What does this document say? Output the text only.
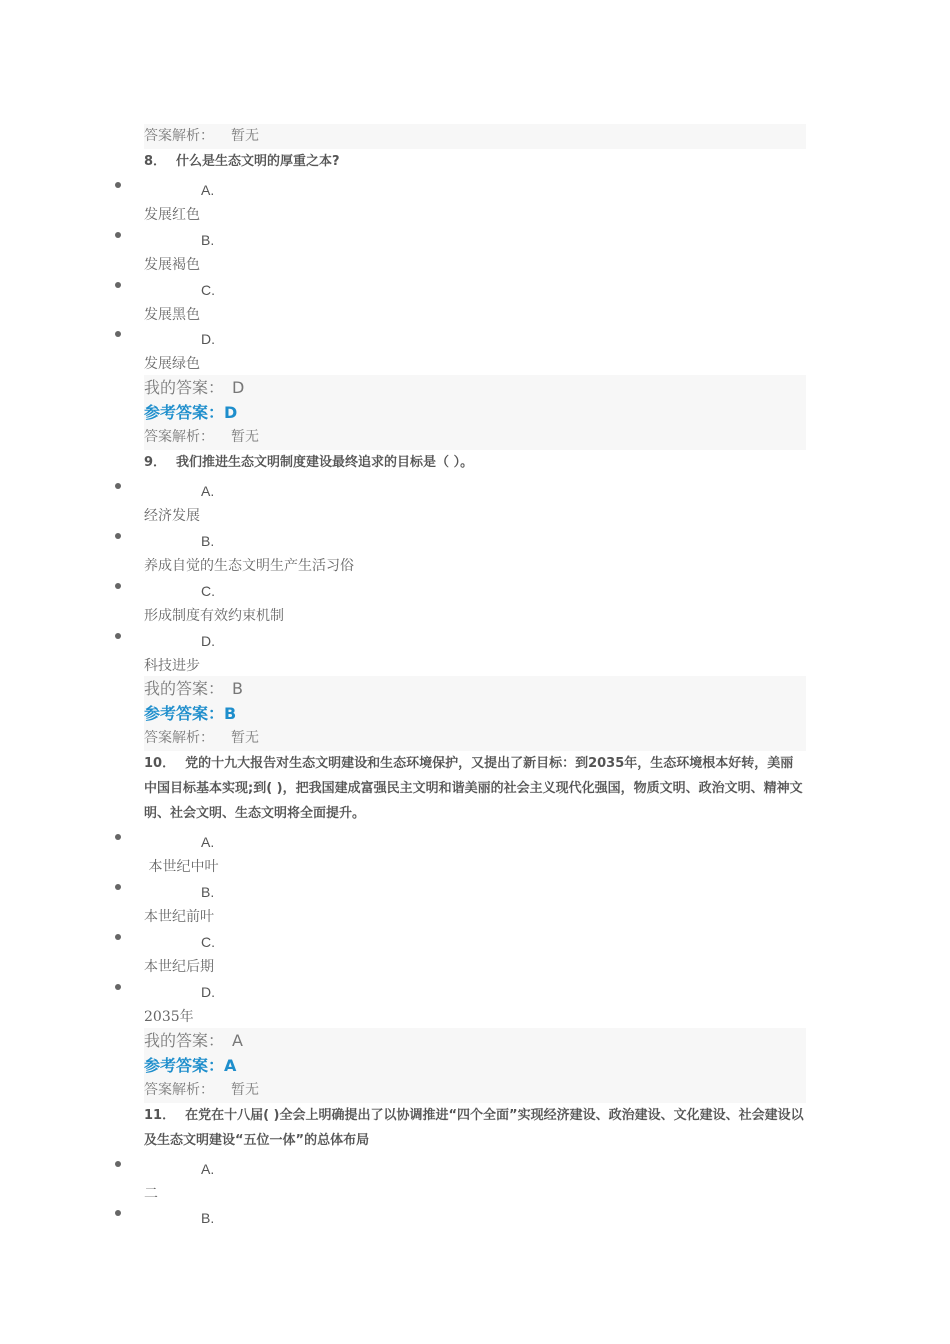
答案解析： 暂无
8． 什么是生态文明的厚重之本?
A.
发展红色
B.
发展褐色
C.
发展黑色
D.
发展绿色
我的答案： D
参考答案：D
答案解析： 暂无
9． 我们推进生态文明制度建设最终追求的目标是（ ）。
A.
经济发展
B.
养成自觉的生态文明生产生活习俗
C.
形成制度有效约束机制
D.
科技进步
我的答案： B
参考答案：B
答案解析： 暂无
10． 党的十九大报告对生态文明建设和生态环境保护，又提出了新目标：到2035年，生态环境根本好转，美丽中国目标基本实现;到( )，把我国建成富强民主文明和谐美丽的社会主义现代化强国，物质文明、政治文明、精神文明、社会文明、生态文明将全面提升。
A.
本世纪中叶
B.
本世纪前叶
C.
本世纪后期
D.
2035年
我的答案： A
参考答案：A
答案解析： 暂无
11． 在党在十八届( )全会上明确提出了以协调推进“四个全面”实现经济建设、政治建设、文化建设、社会建设以及生态文明建设“五位一体”的总体布局
A.
二
B.
